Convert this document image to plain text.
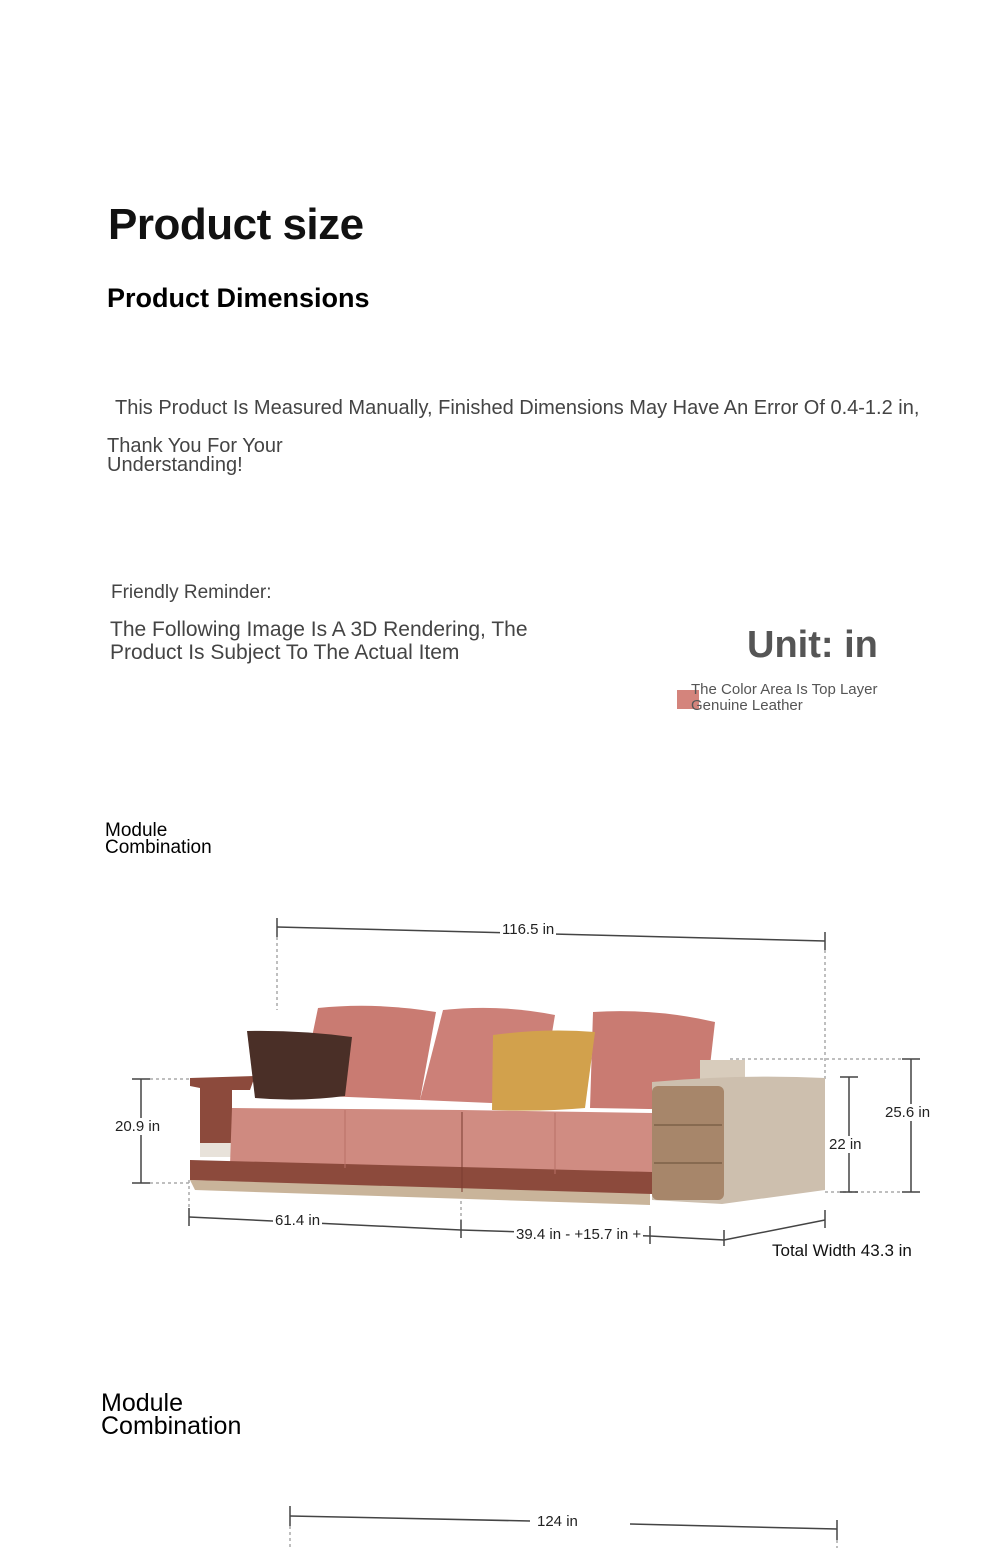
Product size
Product Dimensions
This Product Is Measured Manually, Finished Dimensions May Have An Error Of 0.4-1.2 in,
Thank You For Your Understanding!
Friendly Reminder:
The Following Image Is A 3D Rendering, The Product Is Subject To The Actual Item	Unit: in
The Color Area Is Top Layer Genuine Leather
Module Combination
116.5 in
20.9 in
25.6 in
22 in
61.4 in
39.4 in - +15.7 in +
Total Width 43.3 in
Module Combination
124 in
